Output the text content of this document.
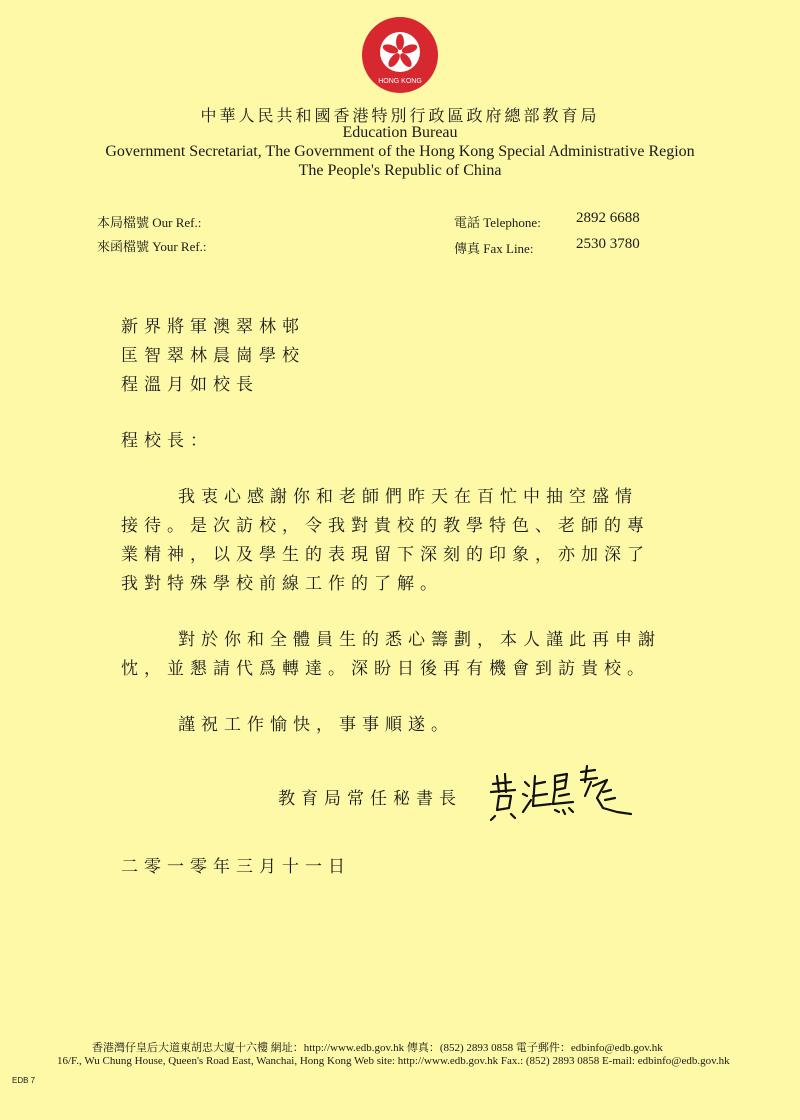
HONG KONG
中華人民共和國香港特別行政區政府總部教育局
Education Bureau
Government Secretariat, The Government of the Hong Kong Special Administrative Region
The People's Republic of China
本局檔號 Our Ref.:
來函檔號 Your Ref.:
電話 Telephone: 2892 6688
傳真 Fax Line:	2530 3780
新界將軍澳翠林邨
匡智翠林晨崗學校
程溫月如校長
程校長：
我衷心感謝你和老師們昨天在百忙中抽空盛情
接待。是次訪校，令我對貴校的教學特色、老師的專
業精神，以及學生的表現留下深刻的印象，亦加深了
我對特殊學校前線工作的了解。
對於你和全體員生的悉心籌劃，本人謹此再申謝
忱，並懇請代爲轉達。深盼日後再有機會到訪貴校。
謹祝工作愉快，事事順遂。
教育局常任秘書長
二零一零年三月十一日
香港灣仔皇后大道東胡忠大廈十六樓 網址：http://www.edb.gov.hk 傳真：(852) 2893 0858 電子郵件：edbinfo@edb.gov.hk
16/F., Wu Chung House, Queen's Road East, Wanchai, Hong Kong Web site: http://www.edb.gov.hk Fax.: (852) 2893 0858 E-mail: edbinfo@edb.gov.hk
EDB 7
